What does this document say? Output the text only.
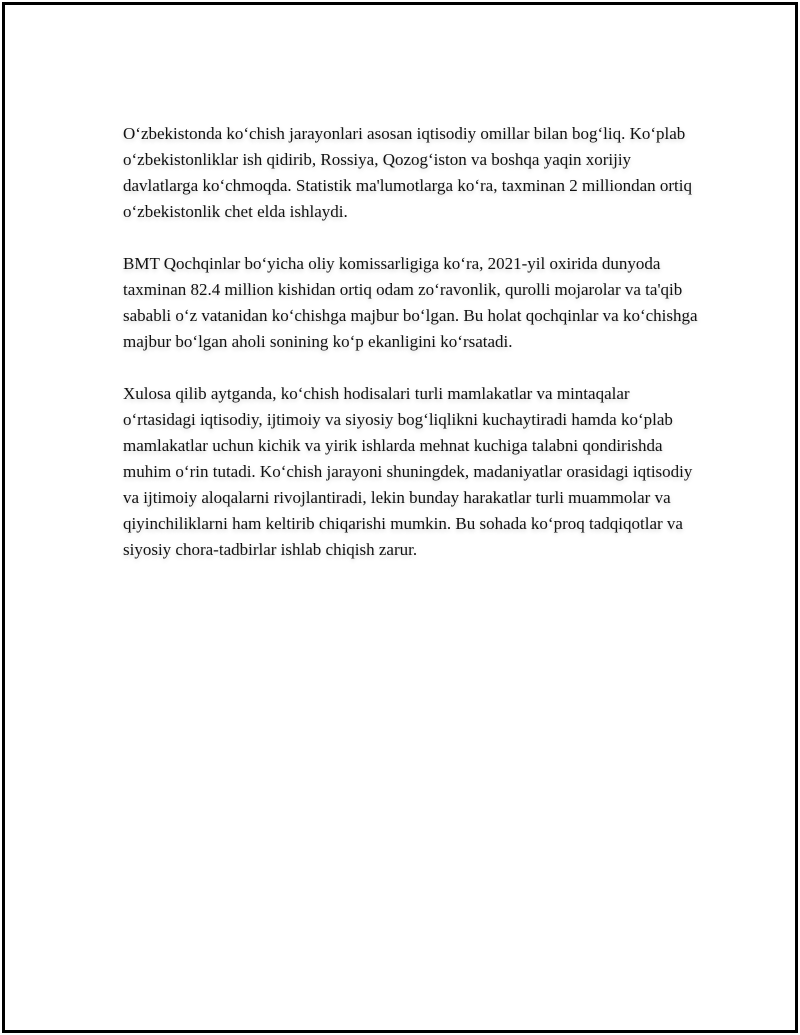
O‘zbekistonda ko‘chish jarayonlari asosan iqtisodiy omillar bilan bog‘liq. Ko‘plab o‘zbekistonliklar ish qidirib, Rossiya, Qozog‘iston va boshqa yaqin xorijiy davlatlarga ko‘chmoqda. Statistik ma'lumotlarga ko‘ra, taxminan 2 milliondan ortiq o‘zbekistonlik chet elda ishlaydi.

BMT Qochqinlar bo‘yicha oliy komissarligiga ko‘ra, 2021-yil oxirida dunyoda taxminan 82.4 million kishidan ortiq odam zo‘ravonlik, qurolli mojarolar va ta'qib sababli o‘z vatanidan ko‘chishga majbur bo‘lgan. Bu holat qochqinlar va ko‘chishga majbur bo‘lgan aholi sonining ko‘p ekanligini ko‘rsatadi.

Xulosa qilib aytganda, ko‘chish hodisalari turli mamlakatlar va mintaqalar o‘rtasidagi iqtisodiy, ijtimoiy va siyosiy bog‘liqlikni kuchaytiradi hamda ko‘plab mamlakatlar uchun kichik va yirik ishlarda mehnat kuchiga talabni qondirishda muhim o‘rin tutadi. Ko‘chish jarayoni shuningdek, madaniyatlar orasidagi iqtisodiy va ijtimoiy aloqalarni rivojlantiradi, lekin bunday harakatlar turli muammolar va qiyinchiliklarni ham keltirib chiqarishi mumkin. Bu sohada ko‘proq tadqiqotlar va siyosiy chora-tadbirlar ishlab chiqish zarur.
